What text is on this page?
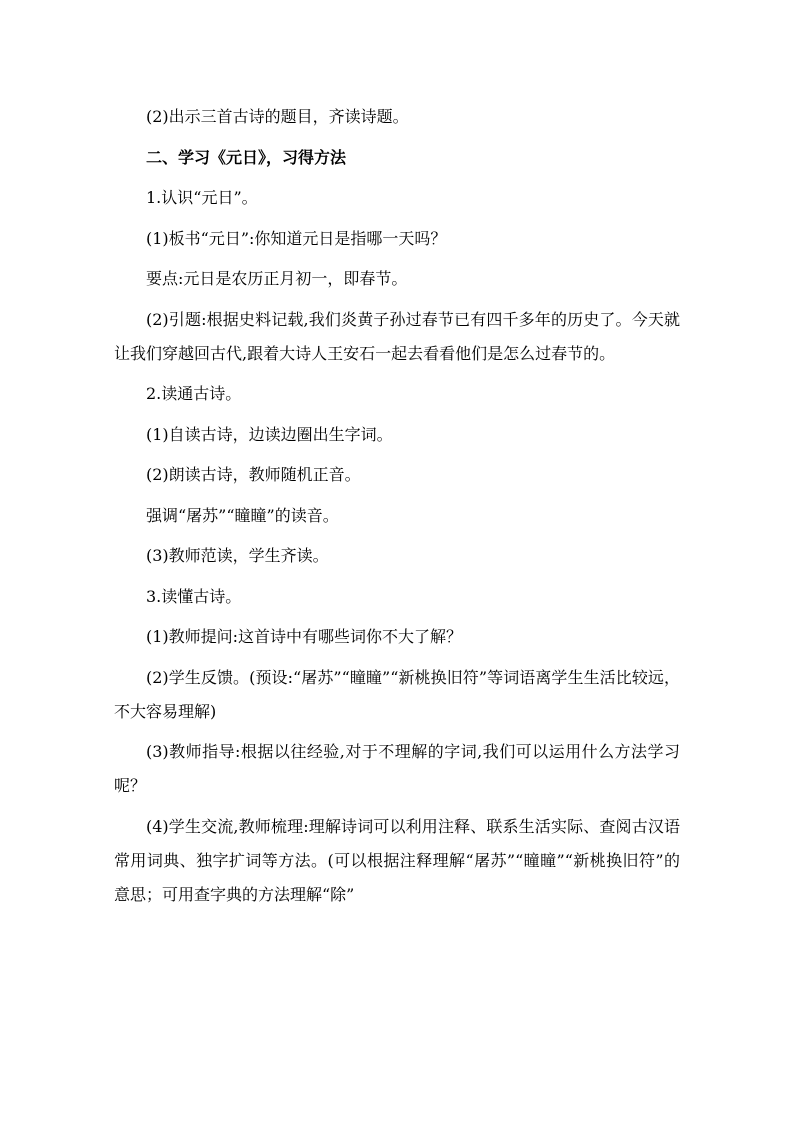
(2)出示三首古诗的题目，齐读诗题。

二、学习《元日》，习得方法

1.认识“元日”。

(1)板书“元日”:你知道元日是指哪一天吗？

要点:元日是农历正月初一，即春节。

(2)引题:根据史料记载,我们炎黄子孙过春节已有四千多年的历史了。今天就让我们穿越回古代,跟着大诗人王安石一起去看看他们是怎么过春节的。

2.读通古诗。

(1)自读古诗，边读边圈出生字词。

(2)朗读古诗，教师随机正音。

强调“屠苏”“瞳瞳”的读音。

(3)教师范读，学生齐读。

3.读懂古诗。

(1)教师提问:这首诗中有哪些词你不大了解？

(2)学生反馈。(预设:“屠苏”“瞳瞳”“新桃换旧符”等词语离学生生活比较远，不大容易理解)

(3)教师指导:根据以往经验,对于不理解的字词,我们可以运用什么方法学习呢？

(4)学生交流,教师梳理:理解诗词可以利用注释、联系生活实际、查阅古汉语常用词典、独字扩词等方法。(可以根据注释理解“屠苏”“瞳瞳”“新桃换旧符”的意思；可用查字典的方法理解“除”
